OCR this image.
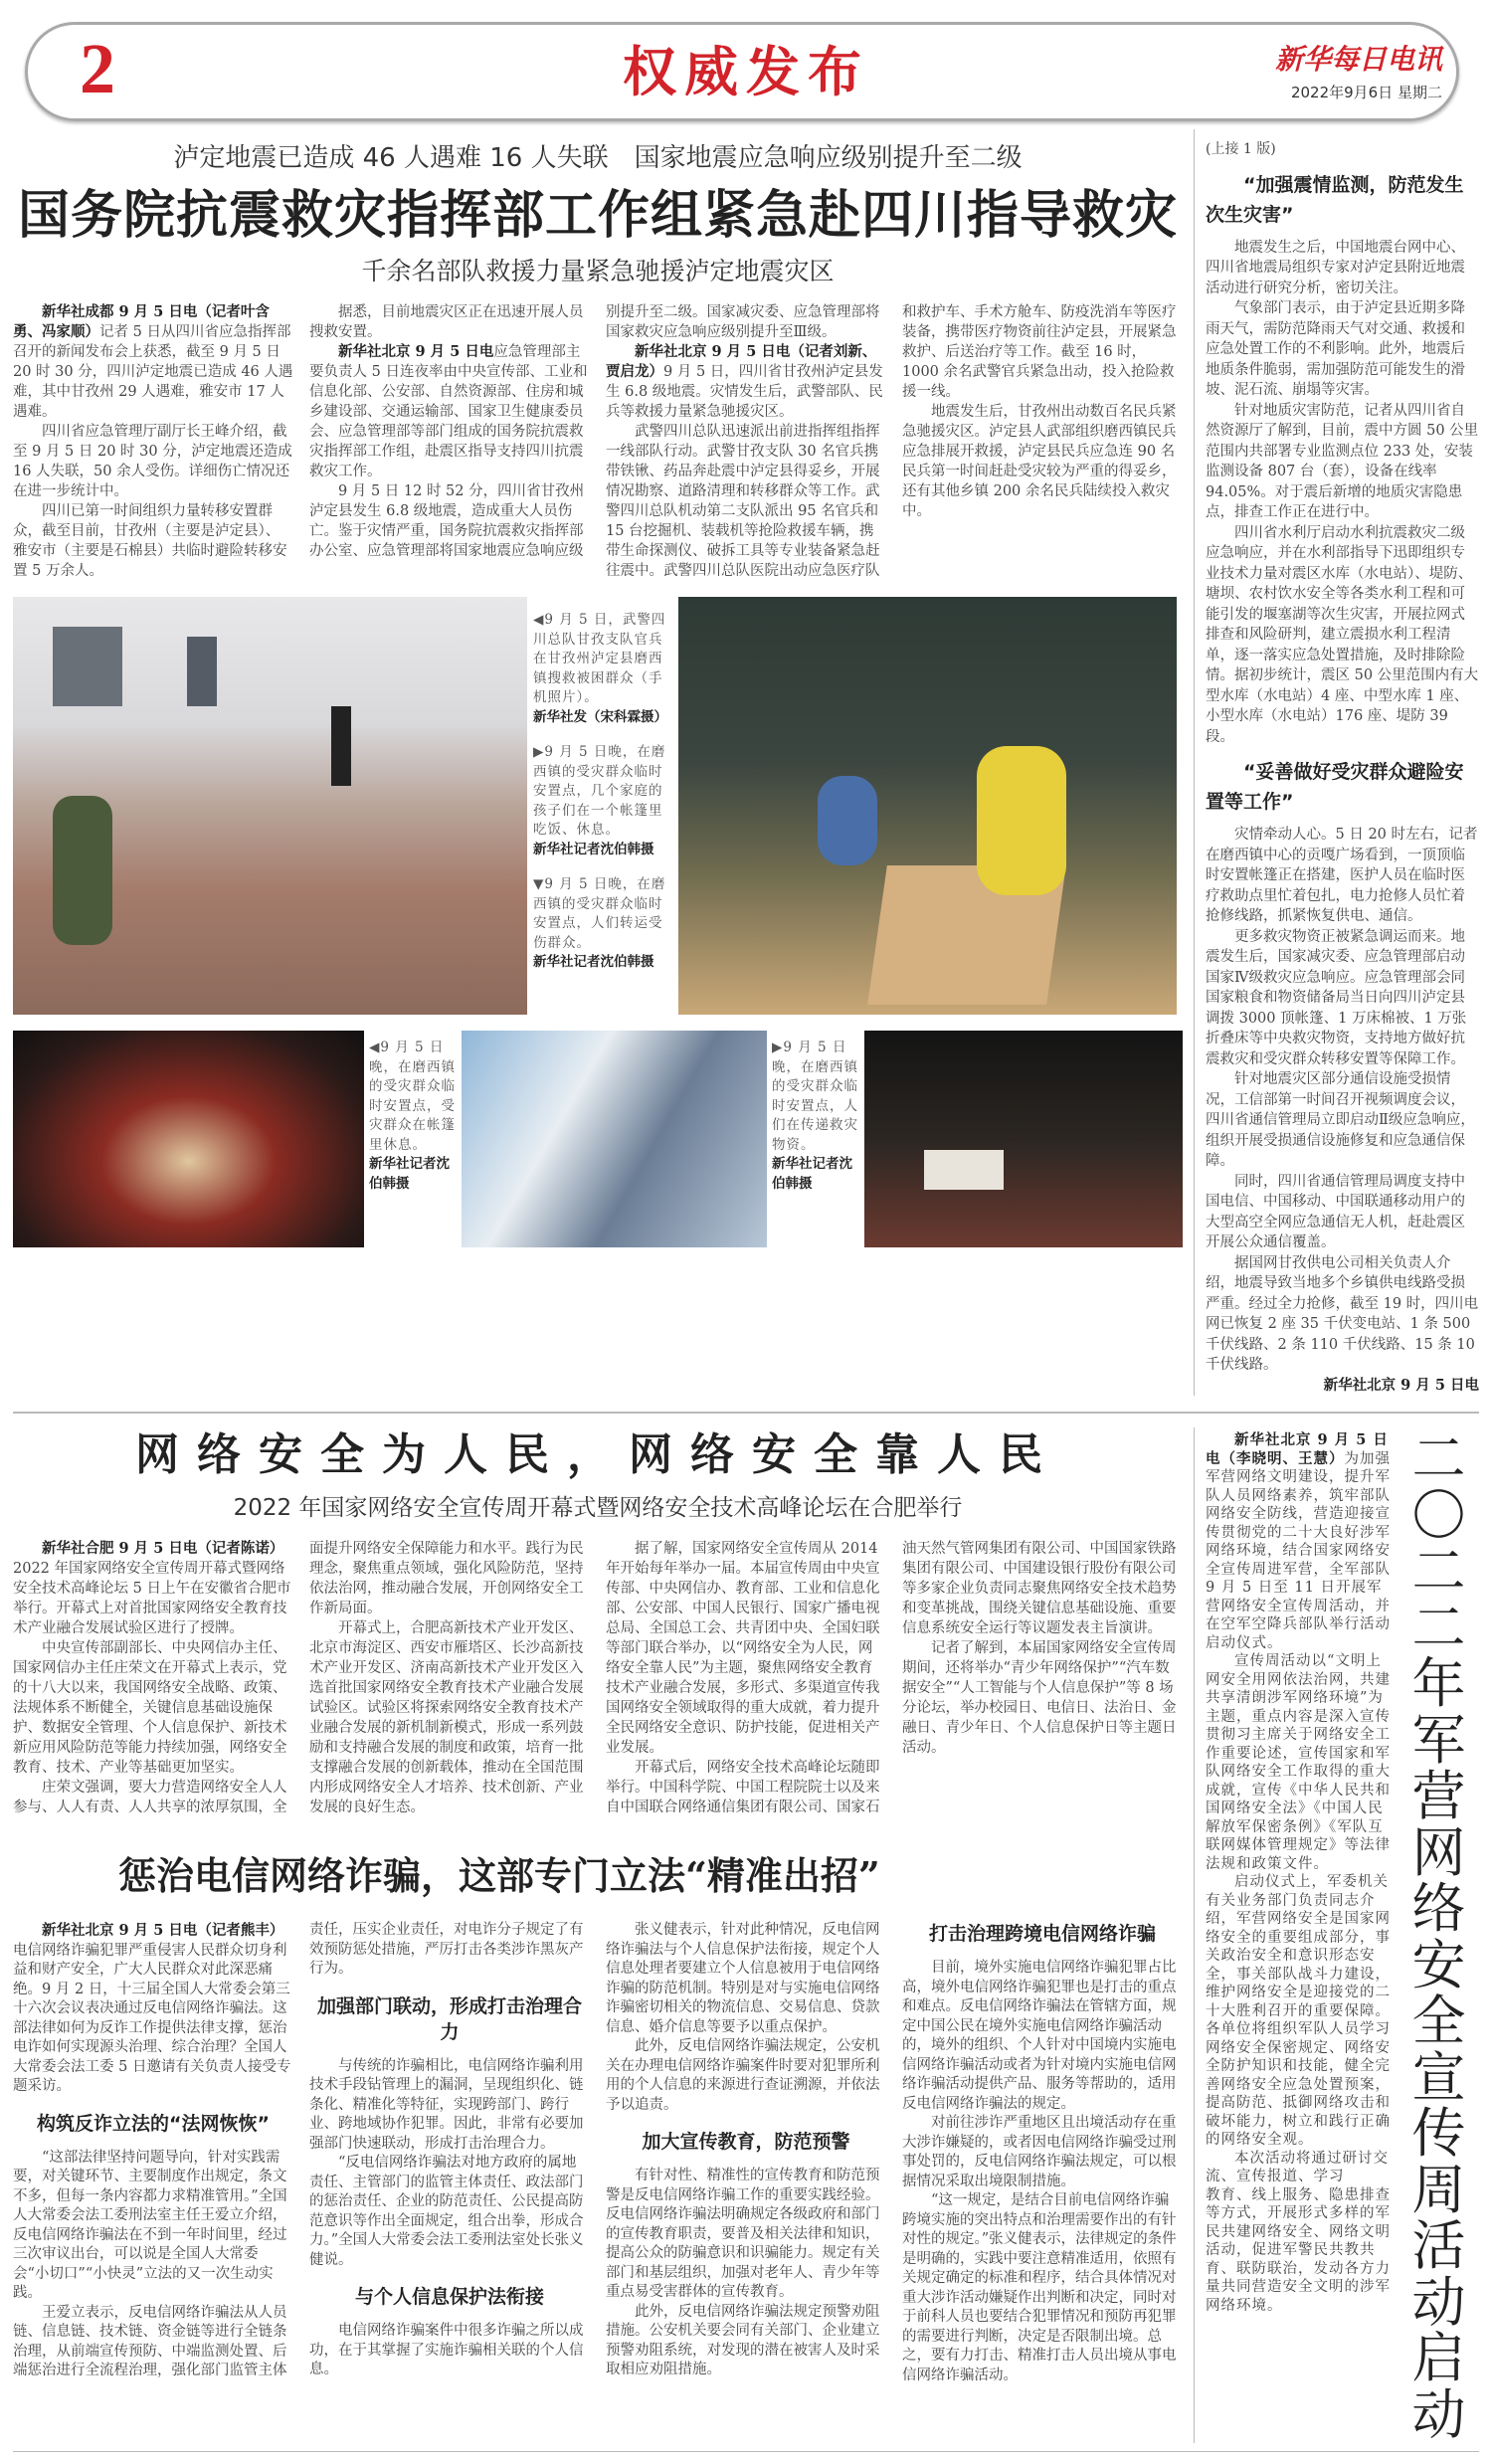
2	权威发布	新华每日电讯
2022年9月6日 星期二
泸定地震已造成 46 人遇难 16 人失联　国家地震应急响应级别提升至二级
国务院抗震救灾指挥部工作组紧急赴四川指导救灾
千余名部队救援力量紧急驰援泸定地震灾区

新华社成都 9 月 5 日电（记者叶含勇、冯家顺）记者 5 日从四川省应急指挥部召开的新闻发布会上获悉，截至 9 月 5 日 20 时 30 分，四川泸定地震已造成 46 人遇难，其中甘孜州 29 人遇难，雅安市 17 人遇难。

四川省应急管理厅副厅长王峰介绍，截至 9 月 5 日 20 时 30 分，泸定地震还造成 16 人失联，50 余人受伤。详细伤亡情况还在进一步统计中。

四川已第一时间组织力量转移安置群众，截至目前，甘孜州（主要是泸定县）、雅安市（主要是石棉县）共临时避险转移安置 5 万余人。

据悉，目前地震灾区正在迅速开展人员搜救安置。

新华社北京 9 月 5 日电应急管理部主要负责人 5 日连夜率由中央宣传部、工业和信息化部、公安部、自然资源部、住房和城乡建设部、交通运输部、国家卫生健康委员会、应急管理部等部门组成的国务院抗震救灾指挥部工作组，赴震区指导支持四川抗震救灾工作。

9 月 5 日 12 时 52 分，四川省甘孜州泸定县发生 6.8 级地震，造成重大人员伤亡。鉴于灾情严重，国务院抗震救灾指挥部办公室、应急管理部将国家地震应急响应级别提升至二级。国家减灾委、应急管理部将国家救灾应急响应级别提升至Ⅲ级。

新华社北京 9 月 5 日电（记者刘新、贾启龙）9 月 5 日，四川省甘孜州泸定县发生 6.8 级地震。灾情发生后，武警部队、民兵等救援力量紧急驰援灾区。

武警四川总队迅速派出前进指挥组指挥一线部队行动。武警甘孜支队 30 名官兵携带铁锹、药品奔赴震中泸定县得妥乡，开展情况勘察、道路清理和转移群众等工作。武警四川总队机动第二支队派出 95 名官兵和 15 台挖掘机、装载机等抢险救援车辆，携带生命探测仪、破拆工具等专业装备紧急赶往震中。武警四川总队医院出动应急医疗队和救护车、手术方舱车、防疫洗消车等医疗装备，携带医疗物资前往泸定县，开展紧急救护、后送治疗等工作。截至 16 时，1000 余名武警官兵紧急出动，投入抢险救援一线。

地震发生后，甘孜州出动数百名民兵紧急驰援灾区。泸定县人武部组织磨西镇民兵应急排展开救援，泸定县民兵应急连 90 名民兵第一时间赶赴受灾较为严重的得妥乡，还有其他乡镇 200 余名民兵陆续投入救灾中。

◀9 月 5 日，武警四川总队甘孜支队官兵在甘孜州泸定县磨西镇搜救被困群众（手机照片）。
新华社发（宋科霖摄）
▶9 月 5 日晚，在磨西镇的受灾群众临时安置点，几个家庭的孩子们在一个帐篷里吃饭、休息。
新华社记者沈伯韩摄
▼9 月 5 日晚，在磨西镇的受灾群众临时安置点，人们转运受伤群众。
新华社记者沈伯韩摄
◀9 月 5 日晚，在磨西镇的受灾群众临时安置点，受灾群众在帐篷里休息。
新华社记者沈伯韩摄
▶9 月 5 日晚，在磨西镇的受灾群众临时安置点，人们在传递救灾物资。
新华社记者沈伯韩摄
(上接 1 版)
“加强震情监测，防范发生次生灾害”

地震发生之后，中国地震台网中心、四川省地震局组织专家对泸定县附近地震活动进行研究分析，密切关注。

气象部门表示，由于泸定县近期多降雨天气，需防范降雨天气对交通、救援和应急处置工作的不利影响。此外，地震后地质条件脆弱，需加强防范可能发生的滑坡、泥石流、崩塌等灾害。

针对地质灾害防范，记者从四川省自然资源厅了解到，目前，震中方圆 50 公里范围内共部署专业监测点位 233 处，安装监测设备 807 台（套），设备在线率 94.05%。对于震后新增的地质灾害隐患点，排查工作正在进行中。

四川省水利厅启动水利抗震救灾二级应急响应，并在水利部指导下迅即组织专业技术力量对震区水库（水电站）、堤防、塘坝、农村饮水安全等各类水利工程和可能引发的堰塞湖等次生灾害，开展拉网式排查和风险研判，建立震损水利工程清单，逐一落实应急处置措施，及时排除险情。据初步统计，震区 50 公里范围内有大型水库（水电站）4 座、中型水库 1 座、小型水库（水电站）176 座、堤防 39 段。

“妥善做好受灾群众避险安置等工作”

灾情牵动人心。5 日 20 时左右，记者在磨西镇中心的贡嘎广场看到，一顶顶临时安置帐篷正在搭建，医护人员在临时医疗救助点里忙着包扎，电力抢修人员忙着抢修线路，抓紧恢复供电、通信。

更多救灾物资正被紧急调运而来。地震发生后，国家减灾委、应急管理部启动国家Ⅳ级救灾应急响应。应急管理部会同国家粮食和物资储备局当日向四川泸定县调拨 3000 顶帐篷、1 万床棉被、1 万张折叠床等中央救灾物资，支持地方做好抗震救灾和受灾群众转移安置等保障工作。

针对地震灾区部分通信设施受损情况，工信部第一时间召开视频调度会议，四川省通信管理局立即启动Ⅱ级应急响应，组织开展受损通信设施修复和应急通信保障。

同时，四川省通信管理局调度支持中国电信、中国移动、中国联通移动用户的大型高空全网应急通信无人机，赶赴震区开展公众通信覆盖。

据国网甘孜供电公司相关负责人介绍，地震导致当地多个乡镇供电线路受损严重。经过全力抢修，截至 19 时，四川电网已恢复 2 座 35 千伏变电站、1 条 500 千伏线路、2 条 110 千伏线路、15 条 10 千伏线路。

新华社北京 9 月 5 日电
网络安全为人民，网络安全靠人民
2022 年国家网络安全宣传周开幕式暨网络安全技术高峰论坛在合肥举行

新华社合肥 9 月 5 日电（记者陈诺）2022 年国家网络安全宣传周开幕式暨网络安全技术高峰论坛 5 日上午在安徽省合肥市举行。开幕式上对首批国家网络安全教育技术产业融合发展试验区进行了授牌。

中央宣传部副部长、中央网信办主任、国家网信办主任庄荣文在开幕式上表示，党的十八大以来，我国网络安全战略、政策、法规体系不断健全，关键信息基础设施保护、数据安全管理、个人信息保护、新技术新应用风险防范等能力持续加强，网络安全教育、技术、产业等基础更加坚实。

庄荣文强调，要大力营造网络安全人人参与、人人有责、人人共享的浓厚氛围，全面提升网络安全保障能力和水平。践行为民理念，聚焦重点领域，强化风险防范，坚持依法治网，推动融合发展，开创网络安全工作新局面。

开幕式上，合肥高新技术产业开发区、北京市海淀区、西安市雁塔区、长沙高新技术产业开发区、济南高新技术产业开发区入选首批国家网络安全教育技术产业融合发展试验区。试验区将探索网络安全教育技术产业融合发展的新机制新模式，形成一系列鼓励和支持融合发展的制度和政策，培育一批支撑融合发展的创新载体，推动在全国范围内形成网络安全人才培养、技术创新、产业发展的良好生态。

据了解，国家网络安全宣传周从 2014 年开始每年举办一届。本届宣传周由中央宣传部、中央网信办、教育部、工业和信息化部、公安部、中国人民银行、国家广播电视总局、全国总工会、共青团中央、全国妇联等部门联合举办，以“网络安全为人民，网络安全靠人民”为主题，聚焦网络安全教育技术产业融合发展，多形式、多渠道宣传我国网络安全领域取得的重大成就，着力提升全民网络安全意识、防护技能，促进相关产业发展。

开幕式后，网络安全技术高峰论坛随即举行。中国科学院、中国工程院院士以及来自中国联合网络通信集团有限公司、国家石油天然气管网集团有限公司、中国国家铁路集团有限公司、中国建设银行股份有限公司等多家企业负责同志聚焦网络安全技术趋势和变革挑战，围绕关键信息基础设施、重要信息系统安全运行等议题发表主旨演讲。

记者了解到，本届国家网络安全宣传周期间，还将举办“青少年网络保护”“汽车数据安全”“人工智能与个人信息保护”等 8 场分论坛，举办校园日、电信日、法治日、金融日、青少年日、个人信息保护日等主题日活动。

惩治电信网络诈骗，这部专门立法“精准出招”

新华社北京 9 月 5 日电（记者熊丰）电信网络诈骗犯罪严重侵害人民群众切身利益和财产安全，广大人民群众对此深恶痛绝。9 月 2 日，十三届全国人大常委会第三十六次会议表决通过反电信网络诈骗法。这部法律如何为反诈工作提供法律支撑，惩治电诈如何实现源头治理、综合治理？全国人大常委会法工委 5 日邀请有关负责人接受专题采访。

构筑反诈立法的“法网恢恢”

“这部法律坚持问题导向，针对实践需要，对关键环节、主要制度作出规定，条文不多，但每一条内容都力求精准管用。”全国人大常委会法工委刑法室主任王爱立介绍，反电信网络诈骗法在不到一年时间里，经过三次审议出台，可以说是全国人大常委会“小切口”“小快灵”立法的又一次生动实践。

王爱立表示，反电信网络诈骗法从人员链、信息链、技术链、资金链等进行全链条治理，从前端宣传预防、中端监测处置、后端惩治进行全流程治理，强化部门监管主体责任，压实企业责任，对电诈分子规定了有效预防惩处措施，严厉打击各类涉诈黑灰产行为。

加强部门联动，形成打击治理合力

与传统的诈骗相比，电信网络诈骗利用技术手段钻管理上的漏洞，呈现组织化、链条化、精准化等特征，实现跨部门、跨行业、跨地域协作犯罪。因此，非常有必要加强部门快速联动，形成打击治理合力。

“反电信网络诈骗法对地方政府的属地责任、主管部门的监管主体责任、政法部门的惩治责任、企业的防范责任、公民提高防范意识等作出全面规定，组合出拳，形成合力。”全国人大常委会法工委刑法室处长张义健说。

与个人信息保护法衔接

电信网络诈骗案件中很多诈骗之所以成功，在于其掌握了实施诈骗相关联的个人信息。

张义健表示，针对此种情况，反电信网络诈骗法与个人信息保护法衔接，规定个人信息处理者要建立个人信息被用于电信网络诈骗的防范机制。特别是对与实施电信网络诈骗密切相关的物流信息、交易信息、贷款信息、婚介信息等要予以重点保护。

此外，反电信网络诈骗法规定，公安机关在办理电信网络诈骗案件时要对犯罪所利用的个人信息的来源进行查证溯源，并依法予以追责。

加大宣传教育，防范预警

有针对性、精准性的宣传教育和防范预警是反电信网络诈骗工作的重要实践经验。反电信网络诈骗法明确规定各级政府和部门的宣传教育职责，要普及相关法律和知识，提高公众的防骗意识和识骗能力。规定有关部门和基层组织，加强对老年人、青少年等重点易受害群体的宣传教育。

此外，反电信网络诈骗法规定预警劝阻措施。公安机关要会同有关部门、企业建立预警劝阻系统，对发现的潜在被害人及时采取相应劝阻措施。

打击治理跨境电信网络诈骗

目前，境外实施电信网络诈骗犯罪占比高，境外电信网络诈骗犯罪也是打击的重点和难点。反电信网络诈骗法在管辖方面，规定中国公民在境外实施电信网络诈骗活动的，境外的组织、个人针对中国境内实施电信网络诈骗活动或者为针对境内实施电信网络诈骗活动提供产品、服务等帮助的，适用反电信网络诈骗法的规定。

对前往涉诈严重地区且出境活动存在重大涉诈嫌疑的，或者因电信网络诈骗受过刑事处罚的，反电信网络诈骗法规定，可以根据情况采取出境限制措施。

“这一规定，是结合目前电信网络诈骗跨境实施的突出特点和治理需要作出的有针对性的规定。”张义健表示，法律规定的条件是明确的，实践中要注意精准适用，依照有关规定确定的标准和程序，结合具体情况对重大涉诈活动嫌疑作出判断和决定，同时对于前科人员也要结合犯罪情况和预防再犯罪的需要进行判断，决定是否限制出境。总之，要有力打击、精准打击人员出境从事电信网络诈骗活动。

二〇二二年军营网络安全宣传周活动启动

新华社北京 9 月 5 日电（李晓明、王慧）为加强军营网络文明建设，提升军队人员网络素养，筑牢部队网络安全防线，营造迎接宣传贯彻党的二十大良好涉军网络环境，结合国家网络安全宣传周进军营，全军部队 9 月 5 日至 11 日开展军营网络安全宣传周活动，并在空军空降兵部队举行活动启动仪式。

宣传周活动以“文明上网安全用网依法治网，共建共享清朗涉军网络环境”为主题，重点内容是深入宣传贯彻习主席关于网络安全工作重要论述，宣传国家和军队网络安全工作取得的重大成就，宣传《中华人民共和国网络安全法》《中国人民解放军保密条例》《军队互联网媒体管理规定》等法律法规和政策文件。

启动仪式上，军委机关有关业务部门负责同志介绍，军营网络安全是国家网络安全的重要组成部分，事关政治安全和意识形态安全，事关部队战斗力建设，维护网络安全是迎接党的二十大胜利召开的重要保障。各单位将组织军队人员学习网络安全保密规定、网络安全防护知识和技能，健全完善网络安全应急处置预案，提高防范、抵御网络攻击和破坏能力，树立和践行正确的网络安全观。

本次活动将通过研讨交流、宣传报道、学习

教育、线上服务、隐患排查等方式，开展形式多样的军民共建网络安全、网络文明活动，促进军警民共教共育、联防联治，发动各方力量共同营造安全文明的涉军网络环境。
